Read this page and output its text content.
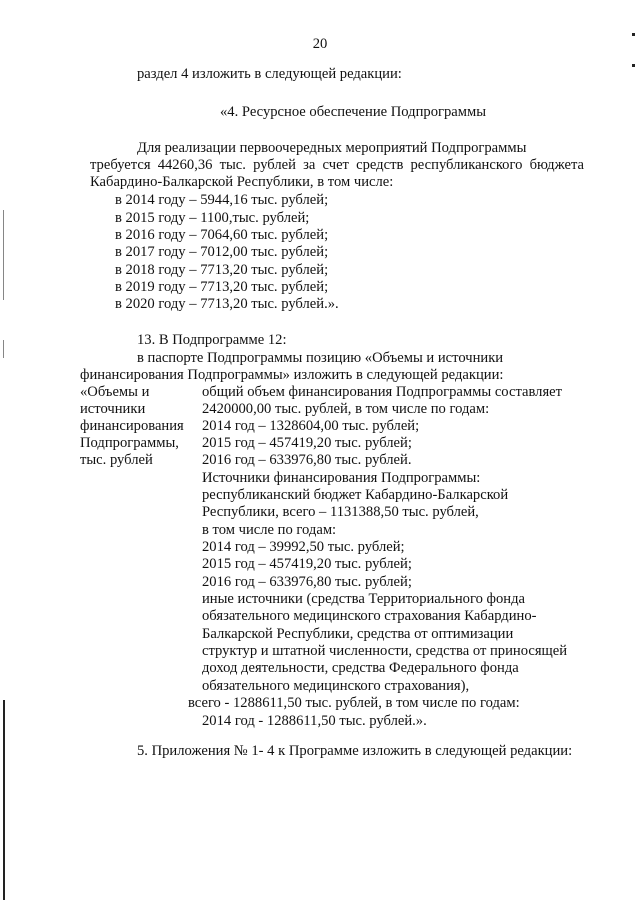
20
раздел 4 изложить в следующей редакции:
«4. Ресурсное обеспечение Подпрограммы
Для реализации первоочередных мероприятий Подпрограммы
требуется 44260,36 тыс. рублей за счет средств республиканского бюджета
Кабардино-Балкарской Республики, в том числе:
в 2014 году – 5944,16 тыс. рублей;
в 2015 году – 1100,тыс. рублей;
в 2016 году – 7064,60 тыс. рублей;
в 2017 году – 7012,00 тыс. рублей;
в 2018 году – 7713,20 тыс. рублей;
в 2019 году – 7713,20 тыс. рублей;
в 2020 году – 7713,20 тыс. рублей.».
13. В Подпрограмме 12:
в паспорте Подпрограммы позицию «Объемы и источники
финансирования Подпрограммы» изложить в следующей редакции:
«Объемы и
источники
финансирования
Подпрограммы,
тыс. рублей
общий объем финансирования Подпрограммы составляет
2420000,00 тыс. рублей, в том числе по годам:
2014 год – 1328604,00 тыс. рублей;
2015 год – 457419,20 тыс. рублей;
2016 год – 633976,80 тыс. рублей.
Источники финансирования Подпрограммы:
республиканский бюджет Кабардино-Балкарской
Республики, всего – 1131388,50 тыс. рублей,
в том числе по годам:
2014 год – 39992,50 тыс. рублей;
2015 год – 457419,20 тыс. рублей;
2016 год – 633976,80 тыс. рублей;
иные источники (средства Территориального фонда
обязательного медицинского страхования Кабардино-
Балкарской Республики, средства от оптимизации
структур и штатной численности, средства от приносящей
доход деятельности, средства Федерального фонда
обязательного медицинского страхования),
всего - 1288611,50 тыс. рублей, в том числе по годам:
2014 год - 1288611,50 тыс. рублей.».
5. Приложения № 1- 4 к Программе изложить в следующей редакции:
